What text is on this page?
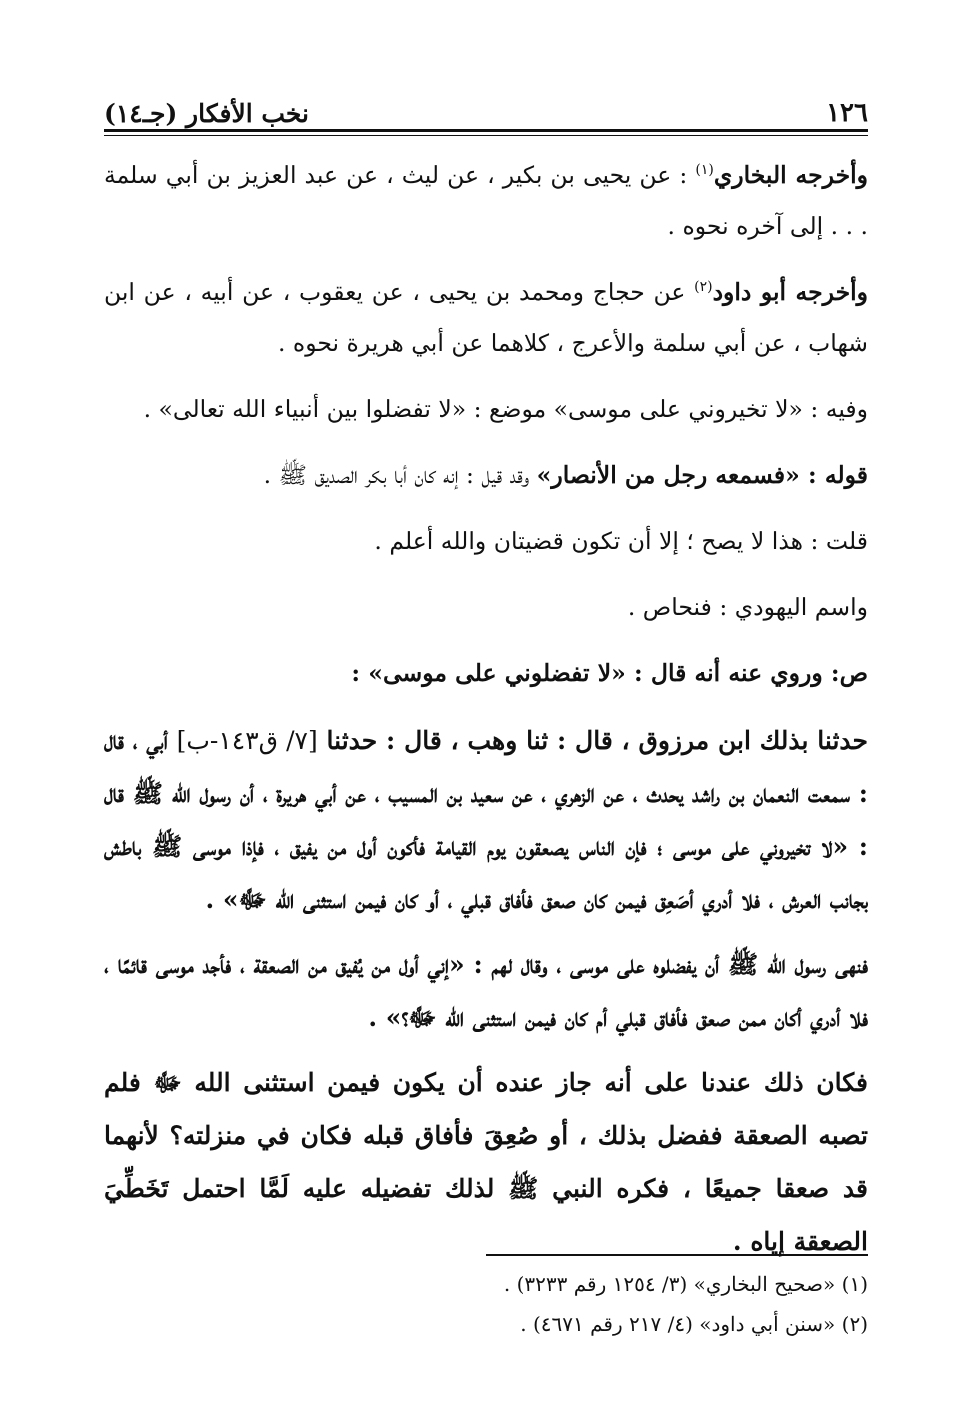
١٢٦
نخب الأفكار (جـ١٤)

وأخرجه البخاري$^{(١)}$ : عن يحيى بن بكير ، عن ليث ، عن عبد العزيز بن أبي سلمة . . . إلى آخره نحوه .

وأخرجه أبو داود$^{(٢)}$ عن حجاج ومحمد بن يحيى ، عن يعقوب ، عن أبيه ، عن ابن شهاب ، عن أبي سلمة والأعرج ، كلاهما عن أبي هريرة نحوه .

وفيه : «لا تخيروني على موسى» موضع : «لا تفضلوا بين أنبياء الله تعالى» .

قوله : «فسمعه رجل من الأنصار» وقد قيل : إنه كان أبا بكر الصديق ﷺ .

قلت : هذا لا يصح ؛ إلا أن تكون قضيتان والله أعلم .

واسم اليهودي : فنحاص .

ص: وروي عنه أنه قال : «لا تفضلوني على موسى» :

حدثنا بذلك ابن مرزوق ، قال : ثنا وهب ، قال : حدثنا [٧/ ق١٤٣-ب] أبي ، قال : سمعت النعمان بن راشد يحدث ، عن الزهري ، عن سعيد بن المسيب ، عن أبي هريرة ، أن رسول الله ﷺ قال : «لا تخيروني على موسى ؛ فإن الناس يصعقون يوم القيامة فأكون أول من يفيق ، فإذا موسى ﷺ باطش بجانب العرش ، فلا أدري أصَعِق فيمن كان صعق فأفاق قبلي ، أو كان فيمن استثنى الله ﷻ» .

فنهى رسول الله ﷺ أن يفضلوه على موسى ، وقال لهم : «إني أول من يُفيق من الصعقة ، فأجد موسى قائمًا ، فلا أدري أكان ممن صعق فأفاق قبلي أم كان فيمن استثنى الله ﷻ؟» .

فكان ذلك عندنا على أنه جاز عنده أن يكون فيمن استثنى الله ﷻ فلم تصبه الصعقة ففضل بذلك ، أو صُعِقَ فأفاق قبله فكان في منزلته؟ لأنهما قد صعقا جميعًا ، فكره النبي ﷺ لذلك تفضيله عليه لَمَّا احتمل تَخَطِّيَ الصعقة إياه .

(١) «صحيح البخاري» (٣/ ١٢٥٤ رقم ٣٢٣٣) .

(٢) «سنن أبي داود» (٤/ ٢١٧ رقم ٤٦٧١) .
